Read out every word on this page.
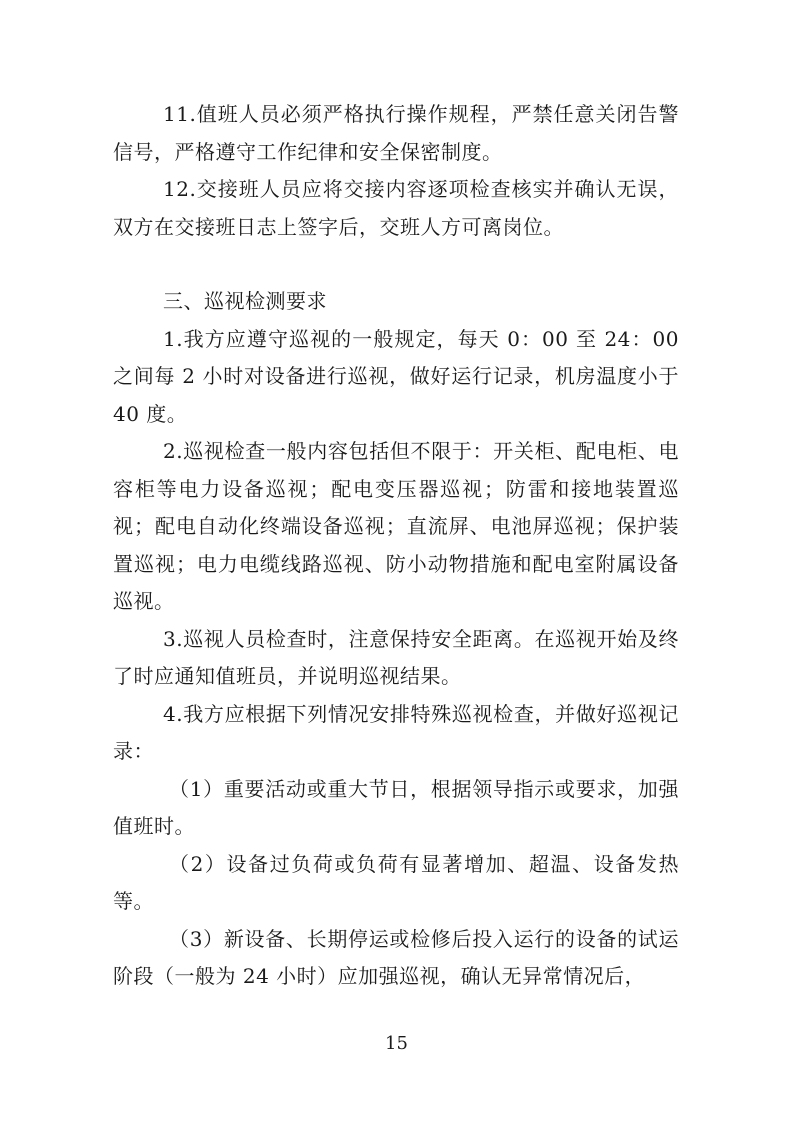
11.值班人员必须严格执行操作规程，严禁任意关闭告警信号，严格遵守工作纪律和安全保密制度。

12.交接班人员应将交接内容逐项检查核实并确认无误，双方在交接班日志上签字后，交班人方可离岗位。

三、巡视检测要求

1.我方应遵守巡视的一般规定，每天 0：00 至 24：00 之间每 2 小时对设备进行巡视，做好运行记录，机房温度小于 40 度。

2.巡视检查一般内容包括但不限于：开关柜、配电柜、电容柜等电力设备巡视；配电变压器巡视；防雷和接地装置巡视；配电自动化终端设备巡视；直流屏、电池屏巡视；保护装置巡视；电力电缆线路巡视、防小动物措施和配电室附属设备巡视。

3.巡视人员检查时，注意保持安全距离。在巡视开始及终了时应通知值班员，并说明巡视结果。

4.我方应根据下列情况安排特殊巡视检查，并做好巡视记录：

（1）重要活动或重大节日，根据领导指示或要求，加强值班时。

（2）设备过负荷或负荷有显著增加、超温、设备发热等。

（3）新设备、长期停运或检修后投入运行的设备的试运阶段（一般为 24 小时）应加强巡视，确认无异常情况后，

15
